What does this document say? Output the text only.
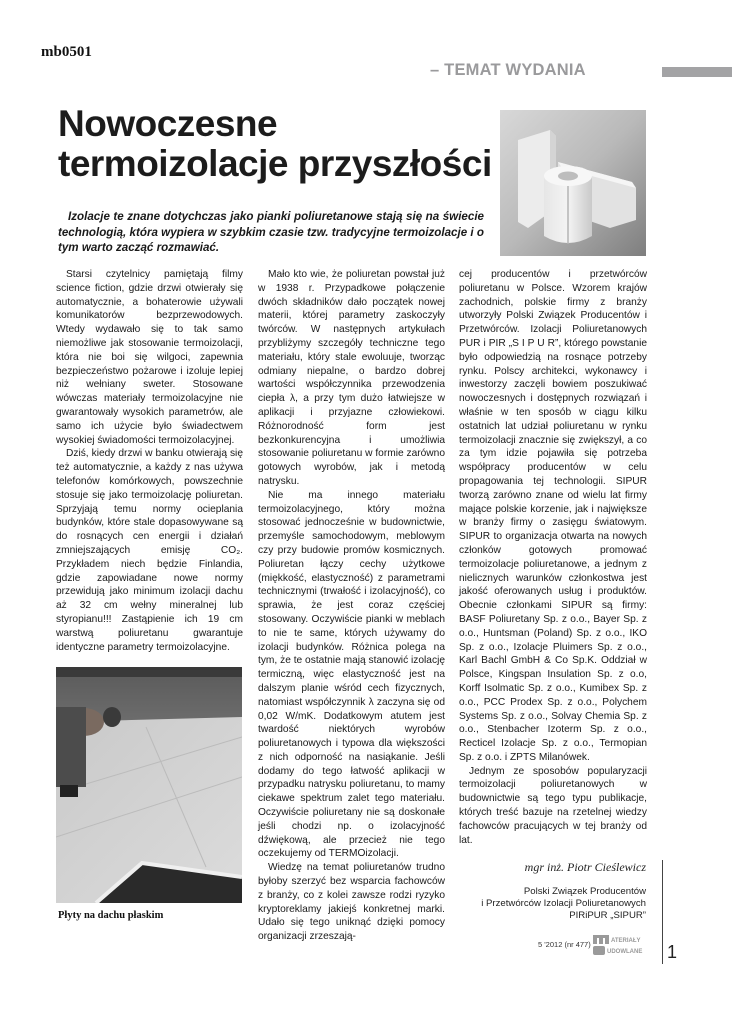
mb0501
– TEMAT WYDANIA
Nowoczesne
termoizolacje przyszłości

Izolacje te znane dotychczas jako pianki poliuretanowe stają się na świecie technologią, która wypiera w szybkim czasie tzw. tradycyjne termoizolacje i o tym warto zacząć rozmawiać.

Starsi czytelnicy pamiętają filmy science fiction, gdzie drzwi otwierały się automatycznie, a bohaterowie używali komunikatorów bezprzewodowych. Wtedy wydawało się to tak samo niemożliwe jak stosowanie termoizolacji, która nie boi się wilgoci, zapewnia bezpieczeństwo pożarowe i izoluje lepiej niż wełniany sweter. Stosowane wówczas materiały termoizolacyjne nie gwarantowały wysokich parametrów, ale samo ich użycie było świadectwem wysokiej świadomości termoizolacyjnej.

Dziś, kiedy drzwi w banku otwierają się też automatycznie, a każdy z nas używa telefonów komórkowych, powszechnie stosuje się jako termoizolację poliuretan. Sprzyjają temu normy ocieplania budynków, które stale dopasowywane są do rosnących cen energii i działań zmniejszających emisję CO₂. Przykładem niech będzie Finlandia, gdzie zapowiadane nowe normy przewidują jako minimum izolacji dachu aż 32 cm wełny mineralnej lub styropianu!!! Zastąpienie ich 19 cm warstwą poliuretanu gwarantuje identyczne parametry termoizolacyjne.

Płyty na dachu płaskim

Mało kto wie, że poliuretan powstał już w 1938 r. Przypadkowe połączenie dwóch składników dało początek nowej materii, której parametry zaskoczyły twórców. W następnych artykułach przybliżymy szczegóły techniczne tego materiału, który stale ewoluuje, tworząc odmiany niepalne, o bardzo dobrej wartości współczynnika przewodzenia ciepła λ, a przy tym dużo łatwiejsze w aplikacji i przyjazne człowiekowi. Różnorodność form jest bezkonkurencyjna i umożliwia stosowanie poliuretanu w formie zarówno gotowych wyrobów, jak i metodą natrysku.

Nie ma innego materiału termoizolacyjnego, który można stosować jednocześnie w budownictwie, przemyśle samochodowym, meblowym czy przy budowie promów kosmicznych. Poliuretan łączy cechy użytkowe (miękkość, elastyczność) z parametrami technicznymi (trwałość i izolacyjność), co sprawia, że jest coraz częściej stosowany. Oczywiście pianki w meblach to nie te same, których używamy do izolacji budynków. Różnica polega na tym, że te ostatnie mają stanowić izolację termiczną, więc elastyczność jest na dalszym planie wśród cech fizycznych, natomiast współczynnik λ zaczyna się od 0,02 W/mK. Dodatkowym atutem jest twardość niektórych wyrobów poliuretanowych i typowa dla większości z nich odporność na nasiąkanie. Jeśli dodamy do tego łatwość aplikacji w przypadku natrysku poliuretanu, to mamy ciekawe spektrum zalet tego materiału. Oczywiście poliuretany nie są doskonałe jeśli chodzi np. o izolacyjność dźwiękową, ale przecież nie tego oczekujemy od TERMOizolacji.

Wiedzę na temat poliuretanów trudno byłoby szerzyć bez wsparcia fachowców z branży, co z kolei zawsze rodzi ryzyko kryptoreklamy jakiejś konkretnej marki. Udało się tego uniknąć dzięki pomocy organizacji zrzeszają-

cej producentów i przetwórców poliuretanu w Polsce. Wzorem krajów zachodnich, polskie firmy z branży utworzyły Polski Związek Producentów i Przetwórców. Izolacji Poliuretanowych PUR i PIR „S I P U R”, którego powstanie było odpowiedzią na rosnące potrzeby rynku. Polscy architekci, wykonawcy i inwestorzy zaczęli bowiem poszukiwać nowoczesnych i dostępnych rozwiązań i właśnie w ten sposób w ciągu kilku ostatnich lat udział poliuretanu w rynku termoizolacji znacznie się zwiększył, a co za tym idzie pojawiła się potrzeba współpracy producentów w celu propagowania tej technologii. SIPUR tworzą zarówno znane od wielu lat firmy mające polskie korzenie, jak i największe w branży firmy o zasięgu światowym. SIPUR to organizacja otwarta na nowych członków gotowych promować termoizolacje poliuretanowe, a jednym z nielicznych warunków członkostwa jest jakość oferowanych usług i produktów. Obecnie członkami SIPUR są firmy: BASF Poliuretany Sp. z o.o., Bayer Sp. z o.o., Huntsman (Poland) Sp. z o.o., IKO Sp. z o.o., Izolacje Pluimers Sp. z o.o., Karl Bachl GmbH & Co Sp.K. Oddział w Polsce, Kingspan Insulation Sp. z o.o, Korff Isolmatic Sp. z o.o., Kumibex Sp. z o.o., PCC Prodex Sp. z o.o., Polychem Systems Sp. z o.o., Solvay Chemia Sp. z o.o., Stenbacher Izoterm Sp. z o.o., Recticel Izolacje Sp. z o.o., Termopian Sp. z o.o. i ZPTS Milanówek.

Jednym ze sposobów popularyzacji termoizolacji poliuretanowych w budownictwie są tego typu publikacje, których treść bazuje na rzetelnej wiedzy fachowców pracujących w tej branży od lat.

mgr inż. Piotr Cieślewicz
Polski Związek Producentów
i Przetwórców Izolacji Poliuretanowych
PIRiPUR „SIPUR”
5 '2012 (nr 477)	ATERIAŁY
UDOWLANE 1
